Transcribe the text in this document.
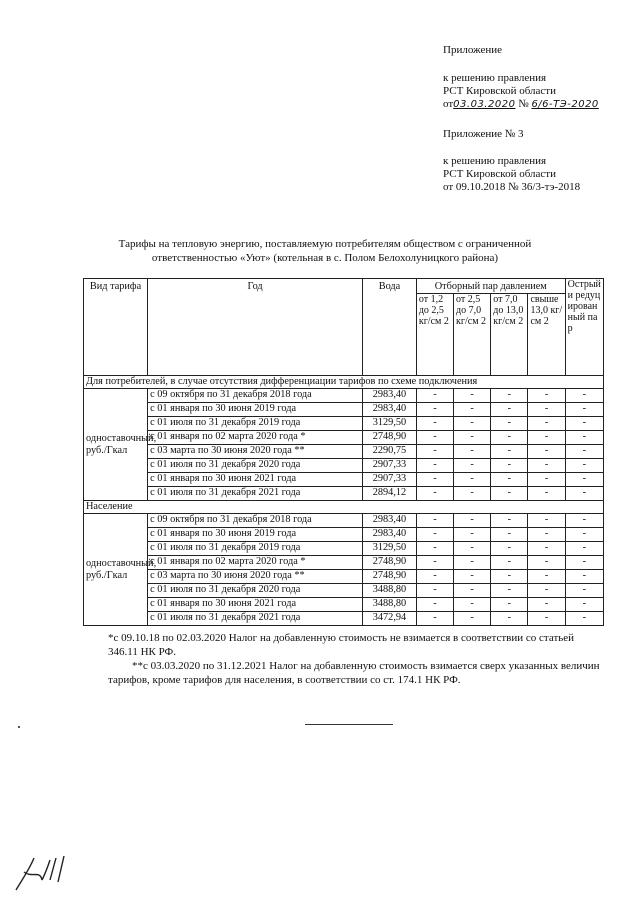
Приложение
к решению правления
РСТ Кировской области
от03.03.2020 № 6/6-ТЭ-2020
Приложение № 3
к решению правления
РСТ Кировской области
от 09.10.2018 № 36/3-тэ-2018
Тарифы на тепловую энергию, поставляемую потребителям обществом с ограниченной ответственностью «Уют» (котельная в с. Полом Белохолуницкого района)
Вид тарифа	Год	Вода	Отборный пар давлением				Острый и редуцированный пар
			от 1,2 до 2,5 кг/см 2	от 2,5 до 7,0 кг/см 2	от 7,0 до 13,0 кг/см 2	свыше 13,0 кг/см 2	
Для потребителей, в случае отсутствия дифференциации тарифов по схеме подключения							
одноставочный, руб./Гкал	с 09 октября по 31 декабря 2018 года	2983,40	-	-	-	-	-
	с 01 января по 30 июня 2019 года	2983,40	-	-	-	-	-
	с 01 июля по 31 декабря 2019 года	3129,50	-	-	-	-	-
	с 01 января по 02 марта 2020 года *	2748,90	-	-	-	-	-
	с 03 марта по 30 июня 2020 года **	2290,75	-	-	-	-	-
	с 01 июля по 31 декабря 2020 года	2907,33	-	-	-	-	-
	с 01 января по 30 июня 2021 года	2907,33	-	-	-	-	-
	с 01 июля по 31 декабря 2021 года	2894,12	-	-	-	-	-
Население							
одноставочный, руб./Гкал	с 09 октября по 31 декабря 2018 года	2983,40	-	-	-	-	-
	с 01 января по 30 июня 2019 года	2983,40	-	-	-	-	-
	с 01 июля по 31 декабря 2019 года	3129,50	-	-	-	-	-
	с 01 января по 02 марта 2020 года *	2748,90	-	-	-	-	-
	с 03 марта по 30 июня 2020 года **	2748,90	-	-	-	-	-
	с 01 июля по 31 декабря 2020 года	3488,80	-	-	-	-	-
	с 01 января по 30 июня 2021 года	3488,80	-	-	-	-	-
	с 01 июля по 31 декабря 2021 года	3472,94	-	-	-	-	-

*с 09.10.18 по 02.03.2020 Налог на добавленную стоимость не взимается в соответствии со статьей 346.11 НК РФ.

**с 03.03.2020 по 31.12.2021 Налог на добавленную стоимость взимается сверх указанных величин тарифов, кроме тарифов для населения, в соответствии со ст. 174.1 НК РФ.
